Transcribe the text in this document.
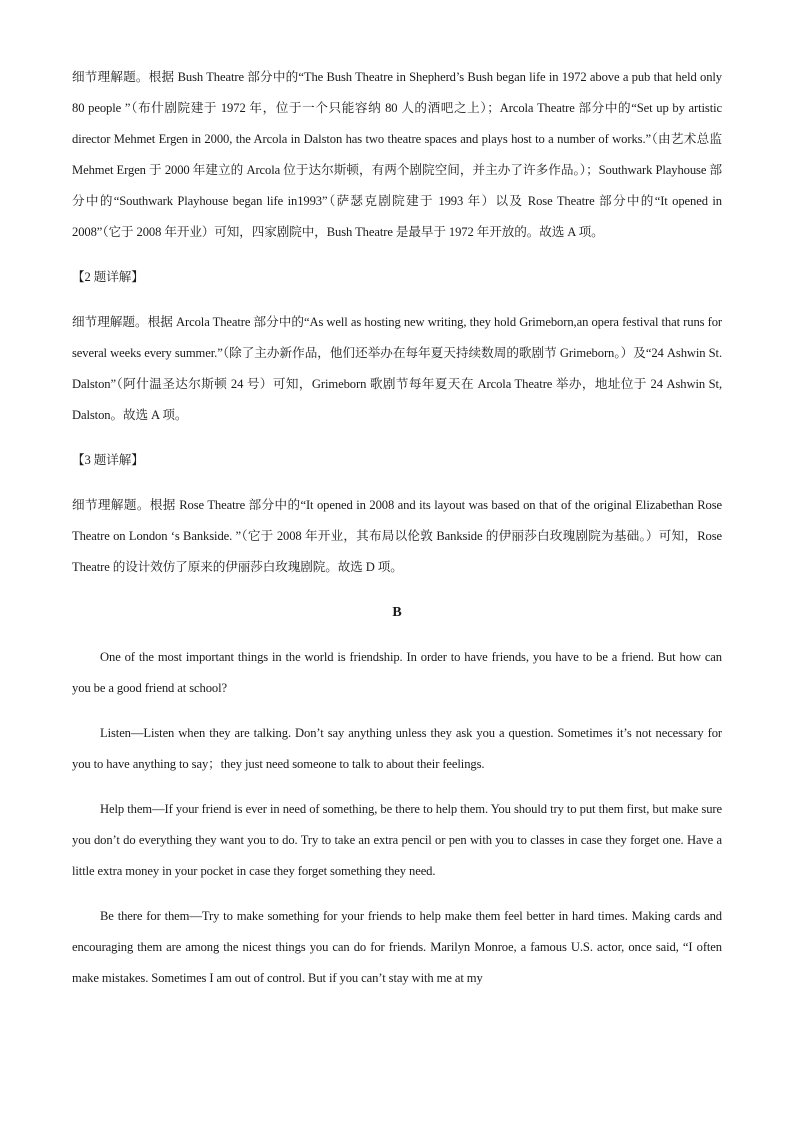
细节理解题。根据 Bush Theatre 部分中的“The Bush Theatre in Shepherd’s Bush began life in 1972 above a pub that held only 80 people ”（布什剧院建于 1972 年，位于一个只能容纳 80 人的酒吧之上）；Arcola Theatre 部分中的“Set up by artistic director Mehmet Ergen in 2000, the Arcola in Dalston has two theatre spaces and plays host to a number of works.”（由艺术总监 Mehmet Ergen 于 2000 年建立的 Arcola 位于达尔斯顿，有两个剧院空间，并主办了许多作品。）；Southwark Playhouse 部分中的“Southwark Playhouse began life in1993”（萨瑟克剧院建于 1993 年）以及 Rose Theatre 部分中的“It opened in 2008”（它于 2008 年开业）可知，四家剧院中，Bush Theatre 是最早于 1972 年开放的。故选 A 项。

【2 题详解】

细节理解题。根据 Arcola Theatre 部分中的“As well as hosting new writing, they hold Grimeborn,an opera festival that runs for several weeks every summer.”（除了主办新作品，他们还举办在每年夏天持续数周的歌剧节 Grimeborn。）及“24 Ashwin St. Dalston”（阿什温圣达尔斯顿 24 号）可知，Grimeborn 歌剧节每年夏天在 Arcola Theatre 举办，地址位于 24 Ashwin St, Dalston。故选 A 项。

【3 题详解】

细节理解题。根据 Rose Theatre 部分中的“It opened in 2008 and its layout was based on that of the original Elizabethan Rose Theatre on London ‘s Bankside. ”（它于 2008 年开业，其布局以伦敦 Bankside 的伊丽莎白玫瑰剧院为基础。）可知，Rose Theatre 的设计效仿了原来的伊丽莎白玫瑰剧院。故选 D 项。

B

One of the most important things in the world is friendship. In order to have friends, you have to be a friend. But how can you be a good friend at school?

Listen—Listen when they are talking. Don’t say anything unless they ask you a question. Sometimes it’s not necessary for you to have anything to say；they just need someone to talk to about their feelings.

Help them—If your friend is ever in need of something, be there to help them. You should try to put them first, but make sure you don’t do everything they want you to do. Try to take an extra pencil or pen with you to classes in case they forget one. Have a little extra money in your pocket in case they forget something they need.

Be there for them—Try to make something for your friends to help make them feel better in hard times. Making cards and encouraging them are among the nicest things you can do for friends. Marilyn Monroe, a famous U.S. actor, once said, “I often make mistakes. Sometimes I am out of control. But if you can’t stay with me at my
